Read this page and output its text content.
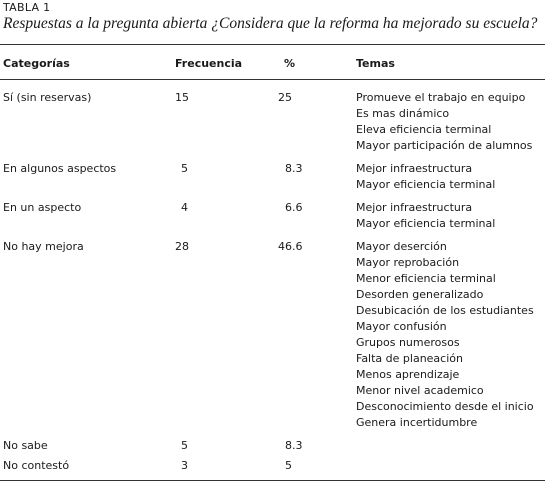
TABLA 1
Respuestas a la pregunta abierta ¿Considera que la reforma ha mejorado su escuela?
Categorías	Frecuencia	%	Temas
Sí (sin reservas)	15	25	Promueve el trabajo en equipo
Es mas dinámico
Eleva eficiencia terminal
Mayor participación de alumnos
En algunos aspectos	5	8.3	Mejor infraestructura
Mayor eficiencia terminal
En un aspecto	4	6.6	Mejor infraestructura
Mayor eficiencia terminal
No hay mejora	28	46.6	Mayor deserción
Mayor reprobación
Menor eficiencia terminal
Desorden generalizado
Desubicación de los estudiantes
Mayor confusión
Grupos numerosos
Falta de planeación
Menos aprendizaje
Menor nivel academico
Desconocimiento desde el inicio
Genera incertidumbre
No sabe	5	8.3
No contestó	3	5
